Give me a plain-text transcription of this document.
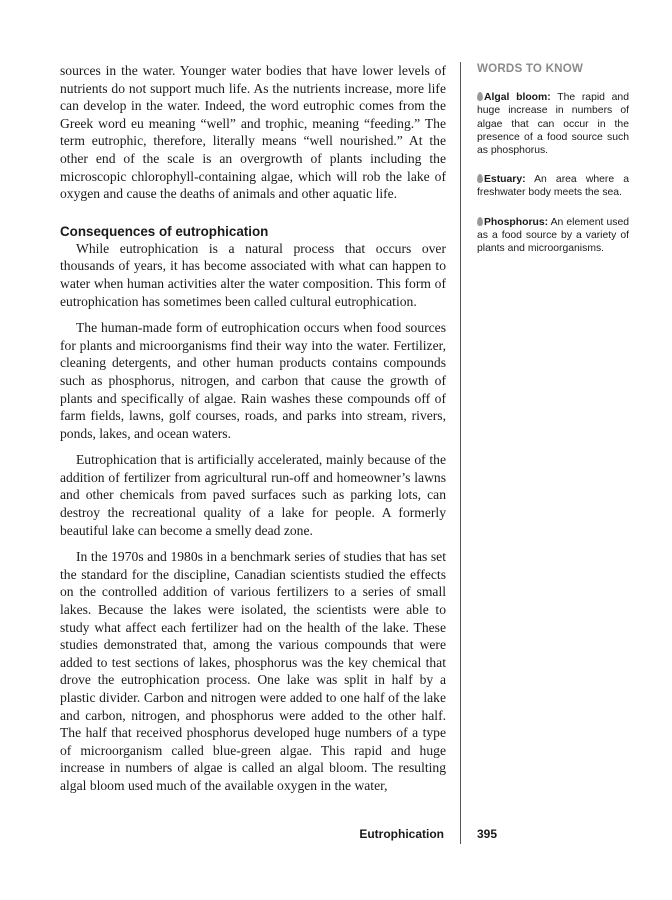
sources in the water. Younger water bodies that have lower levels of nutrients do not support much life. As the nutrients increase, more life can develop in the water. Indeed, the word eutrophic comes from the Greek word eu meaning “well” and trophic, meaning “feeding.” The term eutrophic, therefore, literally means “well nourished.” At the other end of the scale is an overgrowth of plants including the microscopic chlorophyll-containing algae, which will rob the lake of oxygen and cause the deaths of animals and other aquatic life.

Consequences of eutrophication

While eutrophication is a natural process that occurs over thousands of years, it has become associated with what can happen to water when human activities alter the water composition. This form of eutrophication has sometimes been called cultural eutrophication.

The human-made form of eutrophication occurs when food sources for plants and microorganisms find their way into the water. Fertilizer, cleaning detergents, and other human products contains compounds such as phosphorus, nitrogen, and carbon that cause the growth of plants and specifically of algae. Rain washes these compounds off of farm fields, lawns, golf courses, roads, and parks into stream, rivers, ponds, lakes, and ocean waters.

Eutrophication that is artificially accelerated, mainly because of the addition of fertilizer from agricultural run-off and homeowner’s lawns and other chemicals from paved surfaces such as parking lots, can destroy the recreational quality of a lake for people. A formerly beautiful lake can become a smelly dead zone.

In the 1970s and 1980s in a benchmark series of studies that has set the standard for the discipline, Canadian scientists studied the effects on the controlled addition of various fertilizers to a series of small lakes. Because the lakes were isolated, the scientists were able to study what affect each fertilizer had on the health of the lake. These studies demonstrated that, among the various compounds that were added to test sections of lakes, phosphorus was the key chemical that drove the eutrophication process. One lake was split in half by a plastic divider. Carbon and nitrogen were added to one half of the lake and carbon, nitrogen, and phosphorus were added to the other half. The half that received phosphorus developed huge numbers of a type of microorganism called blue-green algae. This rapid and huge increase in numbers of algae is called an algal bloom. The resulting algal bloom used much of the available oxygen in the water,

WORDS TO KNOW
Algal bloom: The rapid and huge increase in numbers of algae that can occur in the presence of a food source such as phosphorus.
Estuary: An area where a freshwater body meets the sea.
Phosphorus: An element used as a food source by a variety of plants and microorganisms.
Eutrophication	395
